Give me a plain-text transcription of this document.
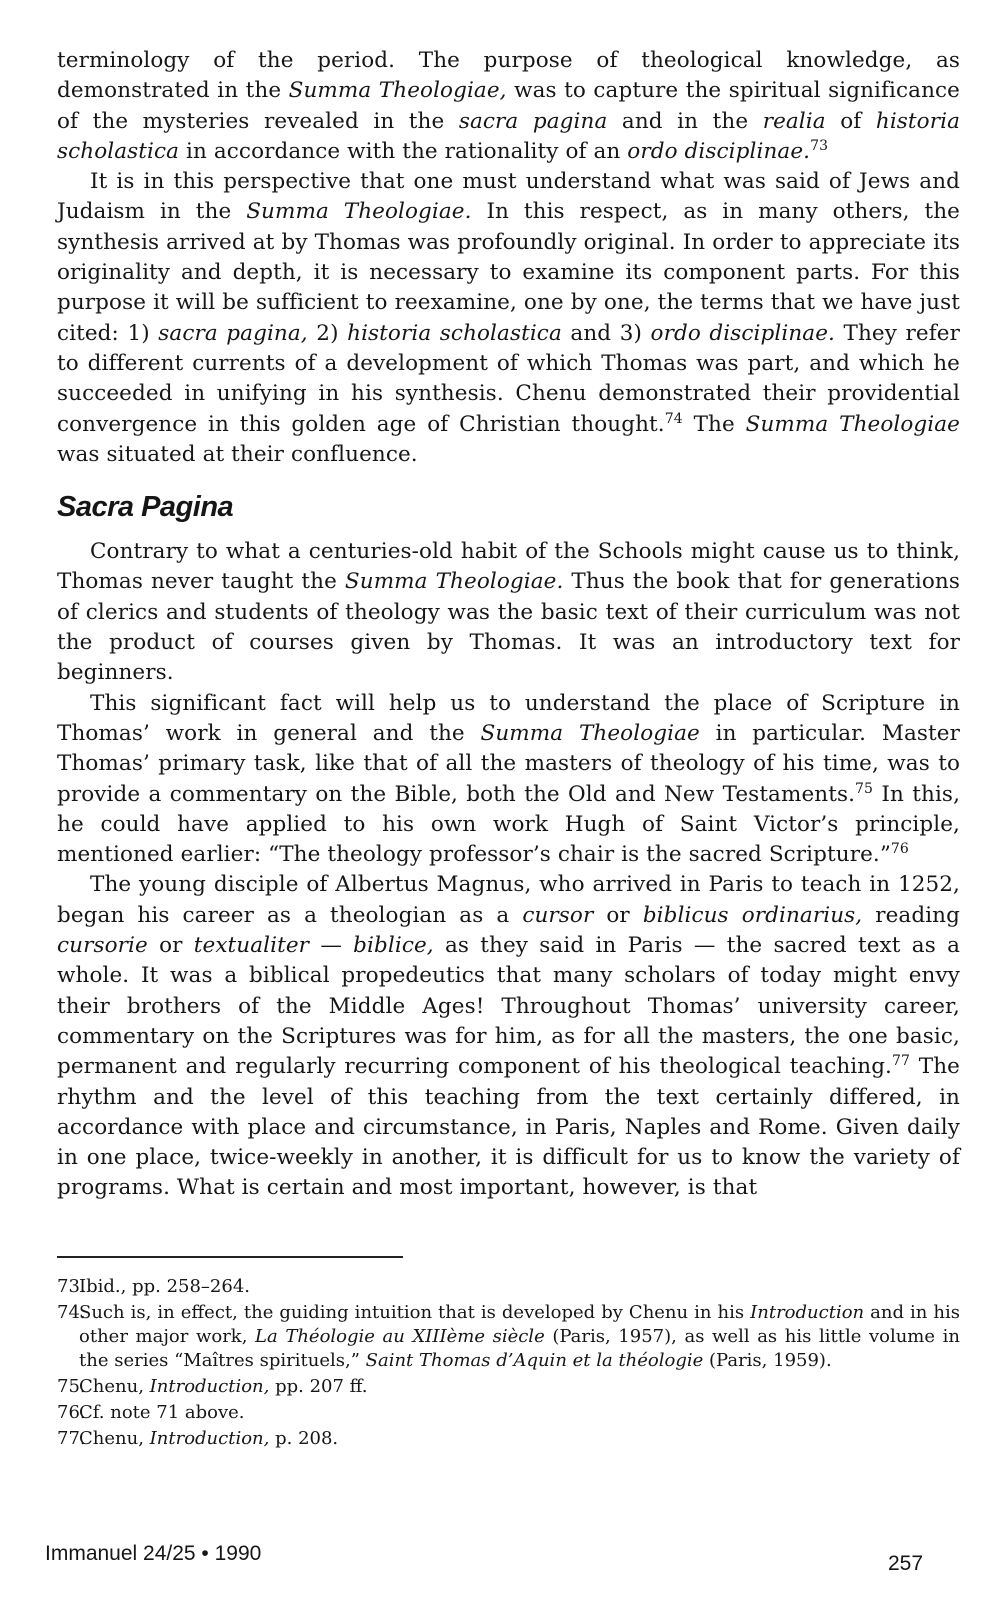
terminology of the period. The purpose of theological knowledge, as demonstrated in the Summa Theologiae, was to capture the spiritual significance of the mysteries revealed in the sacra pagina and in the realia of historia scholastica in accordance with the rationality of an ordo disciplinae.$^{73}$

It is in this perspective that one must understand what was said of Jews and Judaism in the Summa Theologiae. In this respect, as in many others, the synthesis arrived at by Thomas was profoundly original. In order to appreciate its originality and depth, it is necessary to examine its component parts. For this purpose it will be sufficient to reexamine, one by one, the terms that we have just cited: 1) sacra pagina, 2) historia scholastica and 3) ordo disciplinae. They refer to different currents of a development of which Thomas was part, and which he succeeded in unifying in his synthesis. Chenu demonstrated their providential convergence in this golden age of Christian thought.$^{74}$ The Summa Theologiae was situated at their confluence.

Sacra Pagina

Contrary to what a centuries-old habit of the Schools might cause us to think, Thomas never taught the Summa Theologiae. Thus the book that for generations of clerics and students of theology was the basic text of their curriculum was not the product of courses given by Thomas. It was an introductory text for beginners.

This significant fact will help us to understand the place of Scripture in Thomas’ work in general and the Summa Theologiae in particular. Master Thomas’ primary task, like that of all the masters of theology of his time, was to provide a commentary on the Bible, both the Old and New Testaments.$^{75}$ In this, he could have applied to his own work Hugh of Saint Victor’s principle, mentioned earlier: “The theology professor’s chair is the sacred Scripture.”$^{76}$

The young disciple of Albertus Magnus, who arrived in Paris to teach in 1252, began his career as a theologian as a cursor or biblicus ordinarius, reading cursorie or textualiter — biblice, as they said in Paris — the sacred text as a whole. It was a biblical propedeutics that many scholars of today might envy their brothers of the Middle Ages! Throughout Thomas’ university career, commentary on the Scriptures was for him, as for all the masters, the one basic, permanent and regularly recurring component of his theological teaching.$^{77}$ The rhythm and the level of this teaching from the text certainly differed, in accordance with place and circumstance, in Paris, Naples and Rome. Given daily in one place, twice-weekly in another, it is difficult for us to know the variety of programs. What is certain and most important, however, is that

73.Ibid., pp. 258–264.

74.Such is, in effect, the guiding intuition that is developed by Chenu in his Introduction and in his other major work, La Théologie au XIIIème siècle (Paris, 1957), as well as his little volume in the series “Maîtres spirituels,” Saint Thomas d’Aquin et la théologie (Paris, 1959).

75.Chenu, Introduction, pp. 207 ff.

76.Cf. note 71 above.

77.Chenu, Introduction, p. 208.

Immanuel 24/25 • 1990	257
